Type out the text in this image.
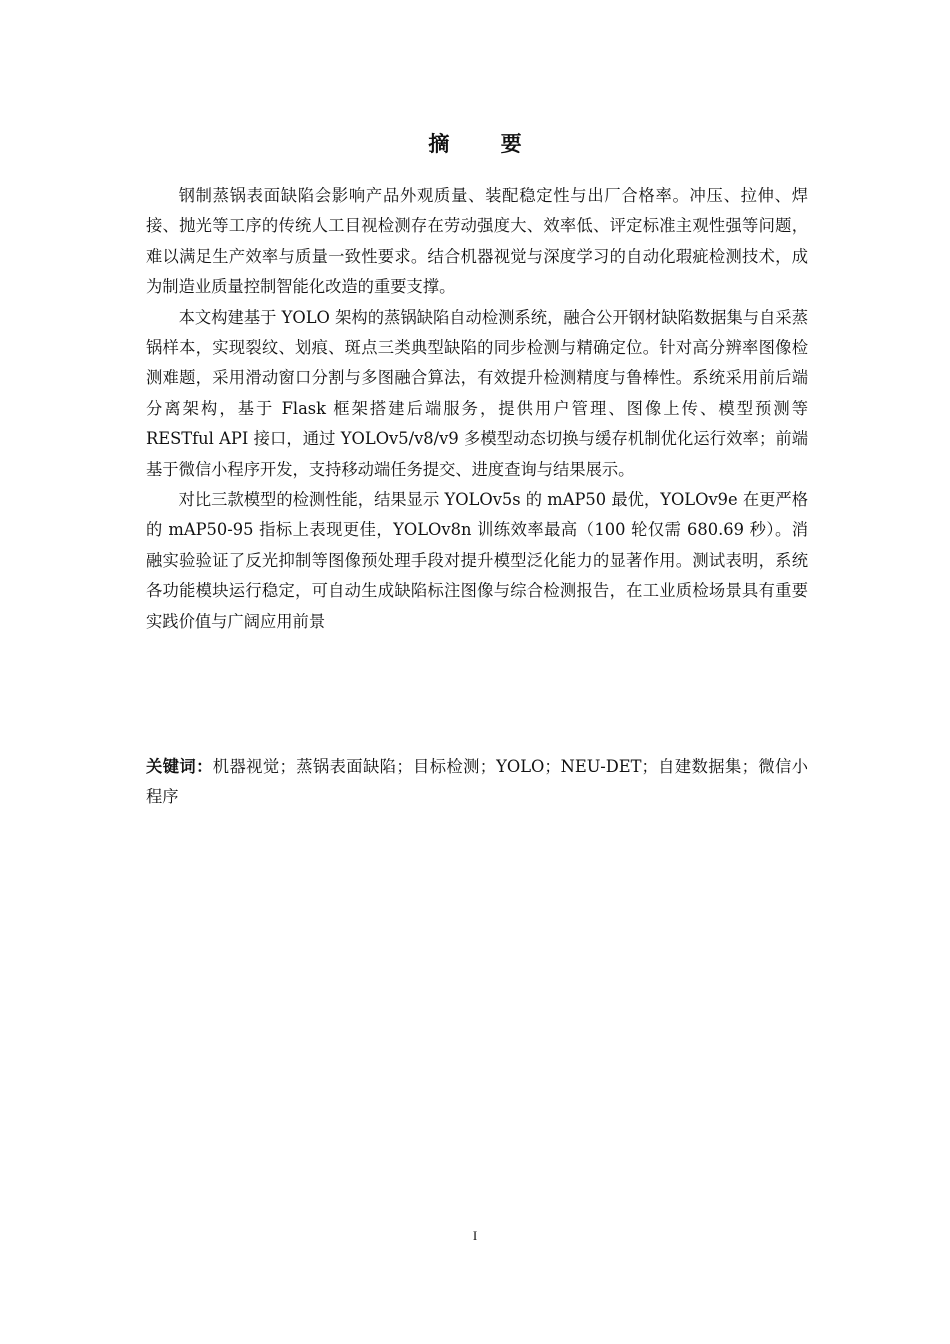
摘 要

钢制蒸锅表面缺陷会影响产品外观质量、装配稳定性与出厂合格率。冲压、拉伸、焊接、抛光等工序的传统人工目视检测存在劳动强度大、效率低、评定标准主观性强等问题，难以满足生产效率与质量一致性要求。结合机器视觉与深度学习的自动化瑕疵检测技术，成为制造业质量控制智能化改造的重要支撑。

本文构建基于 YOLO 架构的蒸锅缺陷自动检测系统，融合公开钢材缺陷数据集与自采蒸锅样本，实现裂纹、划痕、斑点三类典型缺陷的同步检测与精确定位。针对高分辨率图像检测难题，采用滑动窗口分割与多图融合算法，有效提升检测精度与鲁棒性。系统采用前后端分离架构，基于 Flask 框架搭建后端服务，提供用户管理、图像上传、模型预测等 RESTful API 接口，通过 YOLOv5/v8/v9 多模型动态切换与缓存机制优化运行效率；前端基于微信小程序开发，支持移动端任务提交、进度查询与结果展示。

对比三款模型的检测性能，结果显示 YOLOv5s 的 mAP50 最优，YOLOv9e 在更严格的 mAP50-95 指标上表现更佳，YOLOv8n 训练效率最高（100 轮仅需 680.69 秒）。消融实验验证了反光抑制等图像预处理手段对提升模型泛化能力的显著作用。测试表明，系统各功能模块运行稳定，可自动生成缺陷标注图像与综合检测报告，在工业质检场景具有重要实践价值与广阔应用前景

关键词：机器视觉；蒸锅表面缺陷；目标检测；YOLO；NEU-DET；自建数据集；微信小程序
I
